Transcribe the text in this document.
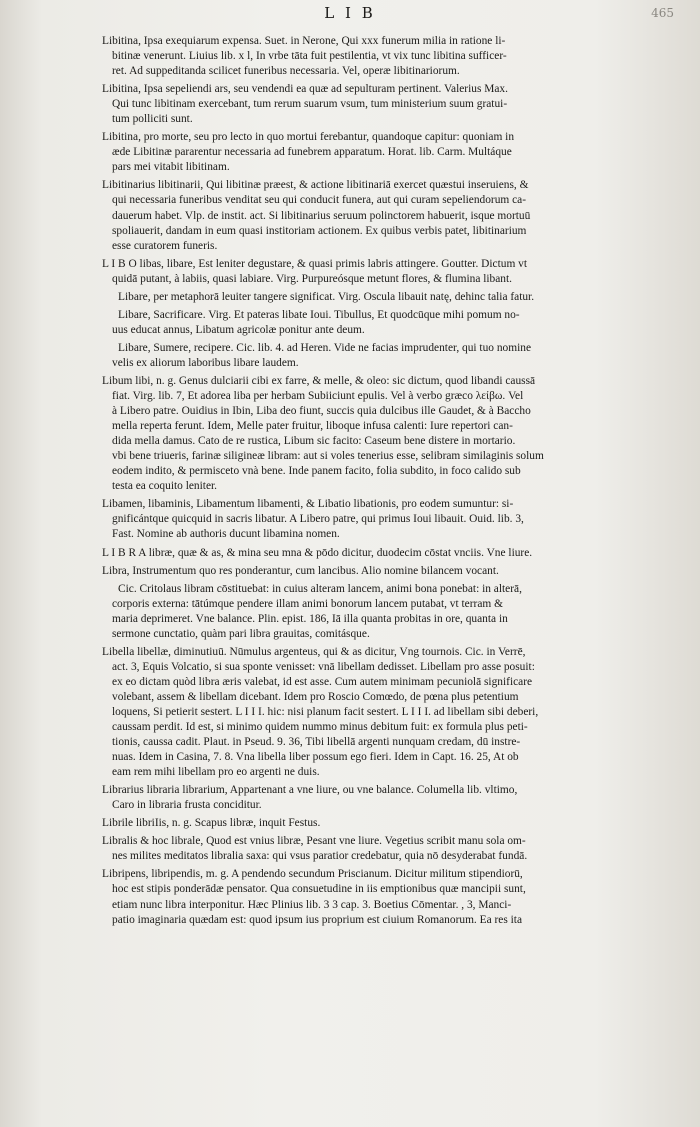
L I B	465
Libitina, Ipsa exequiarum expensa. Suet. in Nerone, Qui xxx funerum milia in ratione li-
bitinæ venerunt. Liuius lib. x l, In vrbe tāta fuit pestilentia, vt vix tunc libitina sufficer-
ret. Ad suppeditanda scilicet funeribus necessaria. Vel, operæ libitinariorum.
Libitina, Ipsa sepeliendi ars, seu vendendi ea quæ ad sepulturam pertinent. Valerius Max.
Qui tunc libitinam exercebant, tum rerum suarum vsum, tum ministerium suum gratui-
tum polliciti sunt.
Libitina, pro morte, seu pro lecto in quo mortui ferebantur, quandoque capitur: quoniam in
æde Libitinæ pararentur necessaria ad funebrem apparatum. Horat. lib. Carm. Multáque
pars mei vitabit libitinam.
Libitinarius libitinarii, Qui libitinæ præest, & actione libitinariā exercet quæstui inseruiens, &
qui necessaria funeribus venditat seu qui conducit funera, aut qui curam sepeliendorum ca-
dauerum habet. Vlp. de instit. act. Si libitinarius seruum polinctorem habuerit, isque mortuū
spoliauerit, dandam in eum quasi institoriam actionem. Ex quibus verbis patet, libitinarium
esse curatorem funeris.
L I B O libas, libare, Est leniter degustare, & quasi primis labris attingere. Goutter. Dictum vt
quidā putant, à labiis, quasi labiare. Virg. Purpureósque metunt flores, & flumina libant.
Libare, per metaphorā leuiter tangere significat. Virg. Oscula libauit natę, dehinc talia fatur.
Libare, Sacrificare. Virg. Et pateras libate Ioui. Tibullus, Et quodcūque mihi pomum no-
uus educat annus, Libatum agricolæ ponitur ante deum.
Libare, Sumere, recipere. Cic. lib. 4. ad Heren. Vide ne facias imprudenter, qui tuo nomine
velis ex aliorum laboribus libare laudem.
Libum libi, n. g. Genus dulciarii cibi ex farre, & melle, & oleo: sic dictum, quod libandi caussā
fiat. Virg. lib. 7, Et adorea liba per herbam Subiiciunt epulis. Vel à verbo græco λείβω. Vel
à Libero patre. Ouidius in Ibin, Liba deo fiunt, succis quia dulcibus ille Gaudet, & à Baccho
mella reperta ferunt. Idem, Melle pater fruitur, liboque infusa calenti: Iure repertori can-
dida mella damus. Cato de re rustica, Libum sic facito: Caseum bene distere in mortario.
vbi bene triueris, farinæ siligineæ libram: aut si voles tenerius esse, selibram similaginis solum
eodem indito, & permisceto vnà bene. Inde panem facito, folia subdito, in foco calido sub
testa ea coquito leniter.
Libamen, libaminis, Libamentum libamenti, & Libatio libationis, pro eodem sumuntur: si-
gnificántque quicquid in sacris libatur. A Libero patre, qui primus Ioui libauit. Ouid. lib. 3,
Fast. Nomine ab authoris ducunt libamina nomen.
L I B R A libræ, quæ & as, & mina seu mna & pōdo dicitur, duodecim cōstat vnciis. Vne liure.
Libra, Instrumentum quo res ponderantur, cum lancibus. Alio nomine bilancem vocant.
Cic. Critolaus libram cōstituebat: in cuius alteram lancem, animi bona ponebat: in alterā,
corporis externa: tātúmque pendere illam animi bonorum lancem putabat, vt terram &
maria deprimeret. Vne balance. Plin. epist. 186, Iā illa quanta probitas in ore, quanta in
sermone cunctatio, quàm pari libra grauitas, comitásque.
Libella libellæ, diminutiuū. Nūmulus argenteus, qui & as dicitur, Vng tournois. Cic. in Verrē,
act. 3, Equis Volcatio, si sua sponte venisset: vnā libellam dedisset. Libellam pro asse posuit:
ex eo dictam quòd libra æris valebat, id est asse. Cum autem minimam pecuniolā significare
volebant, assem & libellam dicebant. Idem pro Roscio Comœdo, de pœna plus petentium
loquens, Si petierit sestert. L I I I. hic: nisi planum facit sestert. L I I I. ad libellam sibi deberi,
caussam perdit. Id est, si minimo quidem nummo minus debitum fuit: ex formula plus peti-
tionis, caussa cadit. Plaut. in Pseud. 9. 36, Tibi libellā argenti nunquam credam, dū instre-
nuas. Idem in Casina, 7. 8. Vna libella liber possum ego fieri. Idem in Capt. 16. 25, At ob
eam rem mihi libellam pro eo argenti ne duis.
Librarius libraria librarium, Appartenant a vne liure, ou vne balance. Columella lib. vltimo,
Caro in libraria frusta conciditur.
Librile libriIis, n. g. Scapus libræ, inquit Festus.
Libralis & hoc librale, Quod est vnius libræ, Pesant vne liure. Vegetius scribit manu sola om-
nes milites meditatos libralia saxa: qui vsus paratior credebatur, quia nō desyderabat fundā.
Libripens, libripendis, m. g. A pendendo secundum Priscianum. Dicitur militum stipendiorū,
hoc est stipis ponderādæ pensator. Qua consuetudine in iis emptionibus quæ mancipii sunt,
etiam nunc libra interponitur. Hæc Plinius lib. 3 3 cap. 3. Boetius Cōmentar. , 3, Manci-
patio imaginaria quædam est: quod ipsum ius proprium est ciuium Romanorum. Ea res ita
